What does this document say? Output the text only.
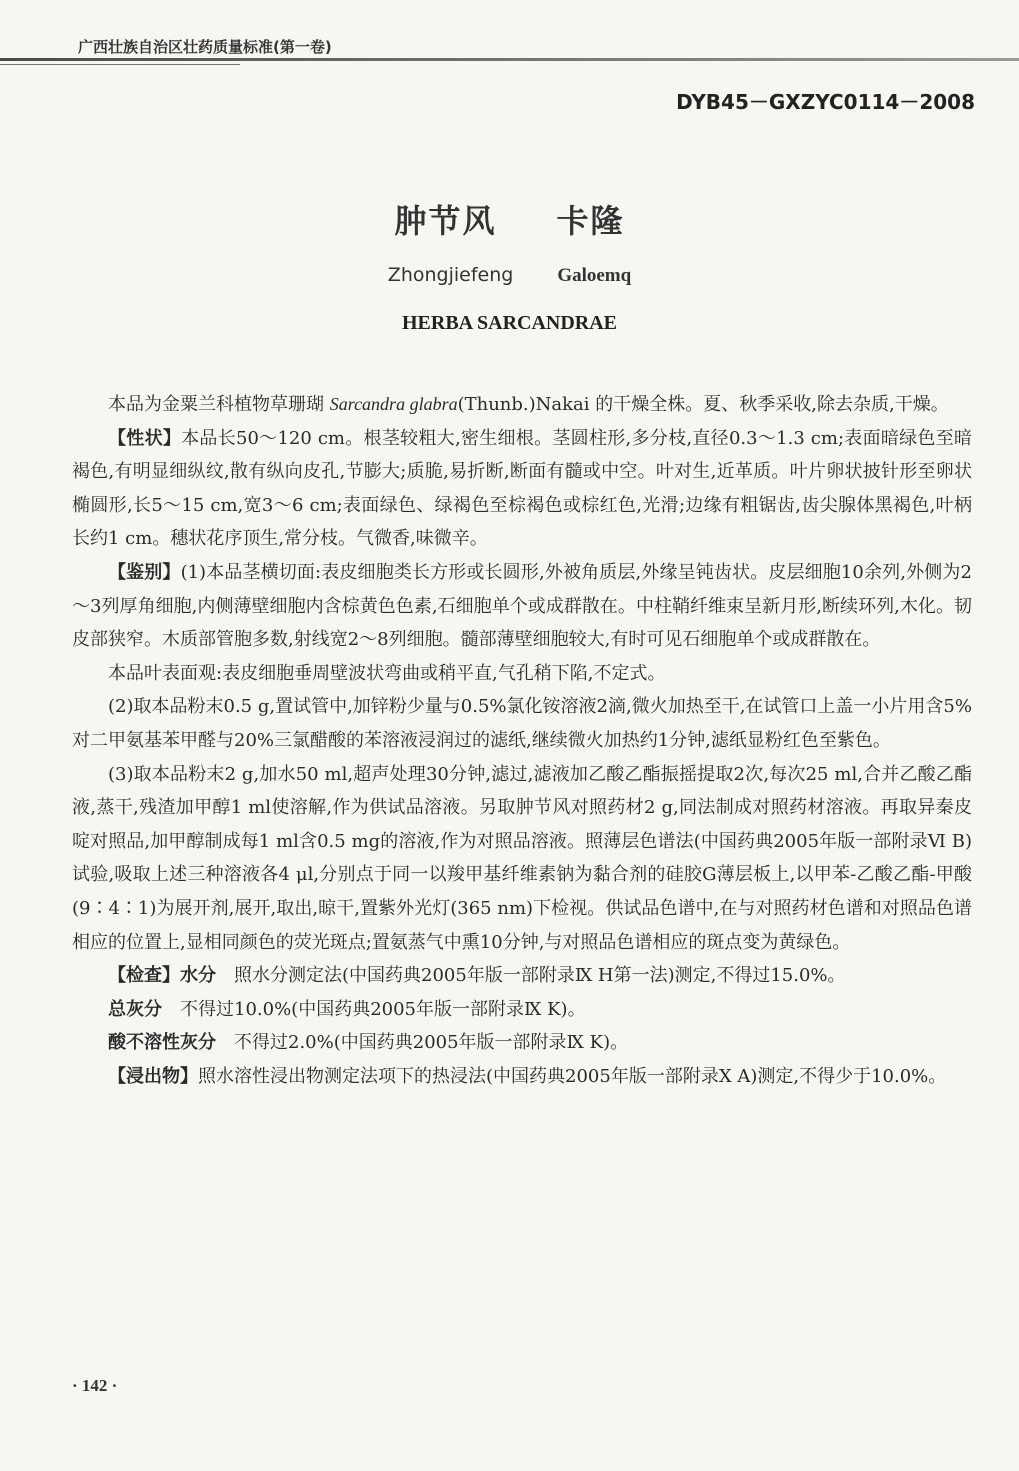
广西壮族自治区壮药质量标准(第一卷)
DYB45－GXZYC0114－2008
肿节风 卡隆
Zhongjiefeng Galoemq
HERBA SARCANDRAE

本品为金粟兰科植物草珊瑚 Sarcandra glabra(Thunb.)Nakai 的干燥全株。夏、秋季采收,除去杂质,干燥。

【性状】本品长50～120 cm。根茎较粗大,密生细根。茎圆柱形,多分枝,直径0.3～1.3 cm;表面暗绿色至暗褐色,有明显细纵纹,散有纵向皮孔,节膨大;质脆,易折断,断面有髓或中空。叶对生,近革质。叶片卵状披针形至卵状椭圆形,长5～15 cm,宽3～6 cm;表面绿色、绿褐色至棕褐色或棕红色,光滑;边缘有粗锯齿,齿尖腺体黑褐色,叶柄长约1 cm。穗状花序顶生,常分枝。气微香,味微辛。

【鉴别】(1)本品茎横切面:表皮细胞类长方形或长圆形,外被角质层,外缘呈钝齿状。皮层细胞10余列,外侧为2～3列厚角细胞,内侧薄壁细胞内含棕黄色色素,石细胞单个或成群散在。中柱鞘纤维束呈新月形,断续环列,木化。韧皮部狭窄。木质部管胞多数,射线宽2～8列细胞。髓部薄壁细胞较大,有时可见石细胞单个或成群散在。

本品叶表面观:表皮细胞垂周壁波状弯曲或稍平直,气孔稍下陷,不定式。

(2)取本品粉末0.5 g,置试管中,加锌粉少量与0.5%氯化铵溶液2滴,微火加热至干,在试管口上盖一小片用含5%对二甲氨基苯甲醛与20%三氯醋酸的苯溶液浸润过的滤纸,继续微火加热约1分钟,滤纸显粉红色至紫色。

(3)取本品粉末2 g,加水50 ml,超声处理30分钟,滤过,滤液加乙酸乙酯振摇提取2次,每次25 ml,合并乙酸乙酯液,蒸干,残渣加甲醇1 ml使溶解,作为供试品溶液。另取肿节风对照药材2 g,同法制成对照药材溶液。再取异秦皮啶对照品,加甲醇制成每1 ml含0.5 mg的溶液,作为对照品溶液。照薄层色谱法(中国药典2005年版一部附录Ⅵ B)试验,吸取上述三种溶液各4 μl,分别点于同一以羧甲基纤维素钠为黏合剂的硅胶G薄层板上,以甲苯-乙酸乙酯-甲酸(9∶4∶1)为展开剂,展开,取出,晾干,置紫外光灯(365 nm)下检视。供试品色谱中,在与对照药材色谱和对照品色谱相应的位置上,显相同颜色的荧光斑点;置氨蒸气中熏10分钟,与对照品色谱相应的斑点变为黄绿色。

【检查】水分　 照水分测定法(中国药典2005年版一部附录Ⅸ H第一法)测定,不得过15.0%。

总灰分　 不得过10.0%(中国药典2005年版一部附录Ⅸ K)。

酸不溶性灰分　 不得过2.0%(中国药典2005年版一部附录Ⅸ K)。

【浸出物】照水溶性浸出物测定法项下的热浸法(中国药典2005年版一部附录Ⅹ A)测定,不得少于10.0%。

· 142 ·
